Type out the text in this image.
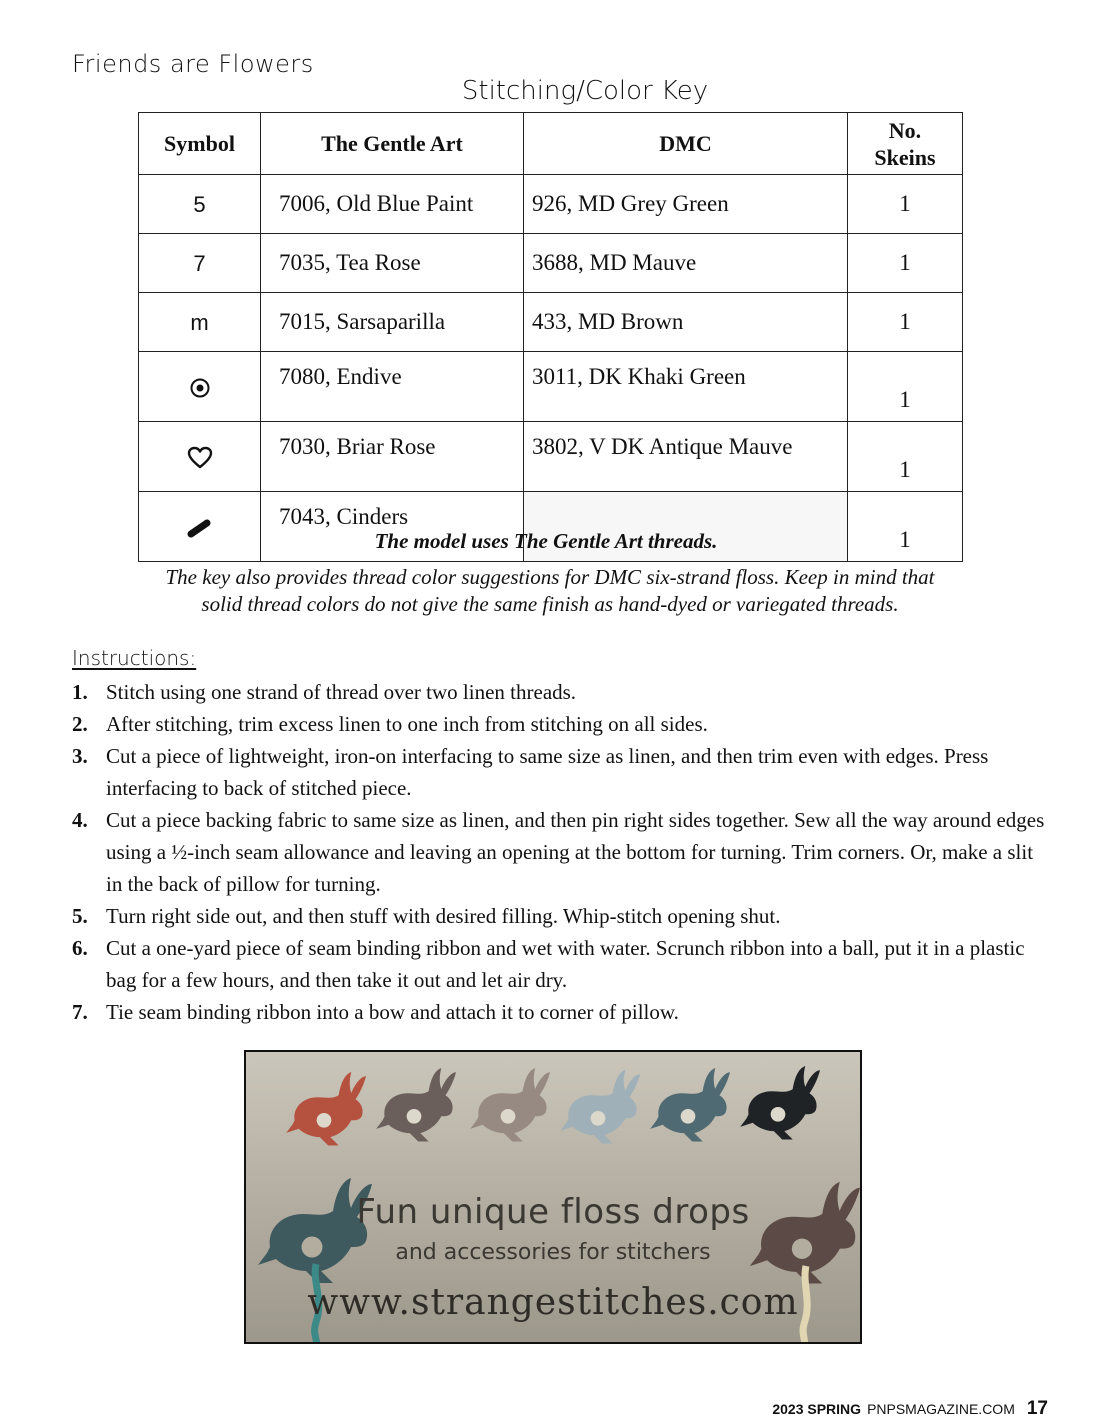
Friends are Flowers
Stitching/Color Key
Symbol	The Gentle Art	DMC	No. Skeins
5	7006, Old Blue Paint	926, MD Grey Green	1
7	7035, Tea Rose	3688, MD Mauve	1
m	7015, Sarsaparilla	433, MD Brown	1
	7080, Endive	3011, DK Khaki Green	1
	7030, Briar Rose	3802, V DK Antique Mauve	1
	7043, Cinders		1
The model uses The Gentle Art threads.
The key also provides thread color suggestions for DMC six-strand floss. Keep in mind that solid thread colors do not give the same finish as hand-dyed or variegated threads.
Instructions:
1. Stitch using one strand of thread over two linen threads.
2. After stitching, trim excess linen to one inch from stitching on all sides.
3. Cut a piece of lightweight, iron-on interfacing to same size as linen, and then trim even with edges. Press interfacing to back of stitched piece.
4. Cut a piece backing fabric to same size as linen, and then pin right sides together. Sew all the way around edges using a ½-inch seam allowance and leaving an opening at the bottom for turning. Trim corners. Or, make a slit in the back of pillow for turning.
5. Turn right side out, and then stuff with desired filling. Whip-stitch opening shut.
6. Cut a one-yard piece of seam binding ribbon and wet with water. Scrunch ribbon into a ball, put it in a plastic bag for a few hours, and then take it out and let air dry.
7. Tie seam binding ribbon into a bow and attach it to corner of pillow.
Fun unique floss drops
and accessories for stitchers
www.strangestitches.com
2023 SPRING PNPSMAGAZINE.COM 17
